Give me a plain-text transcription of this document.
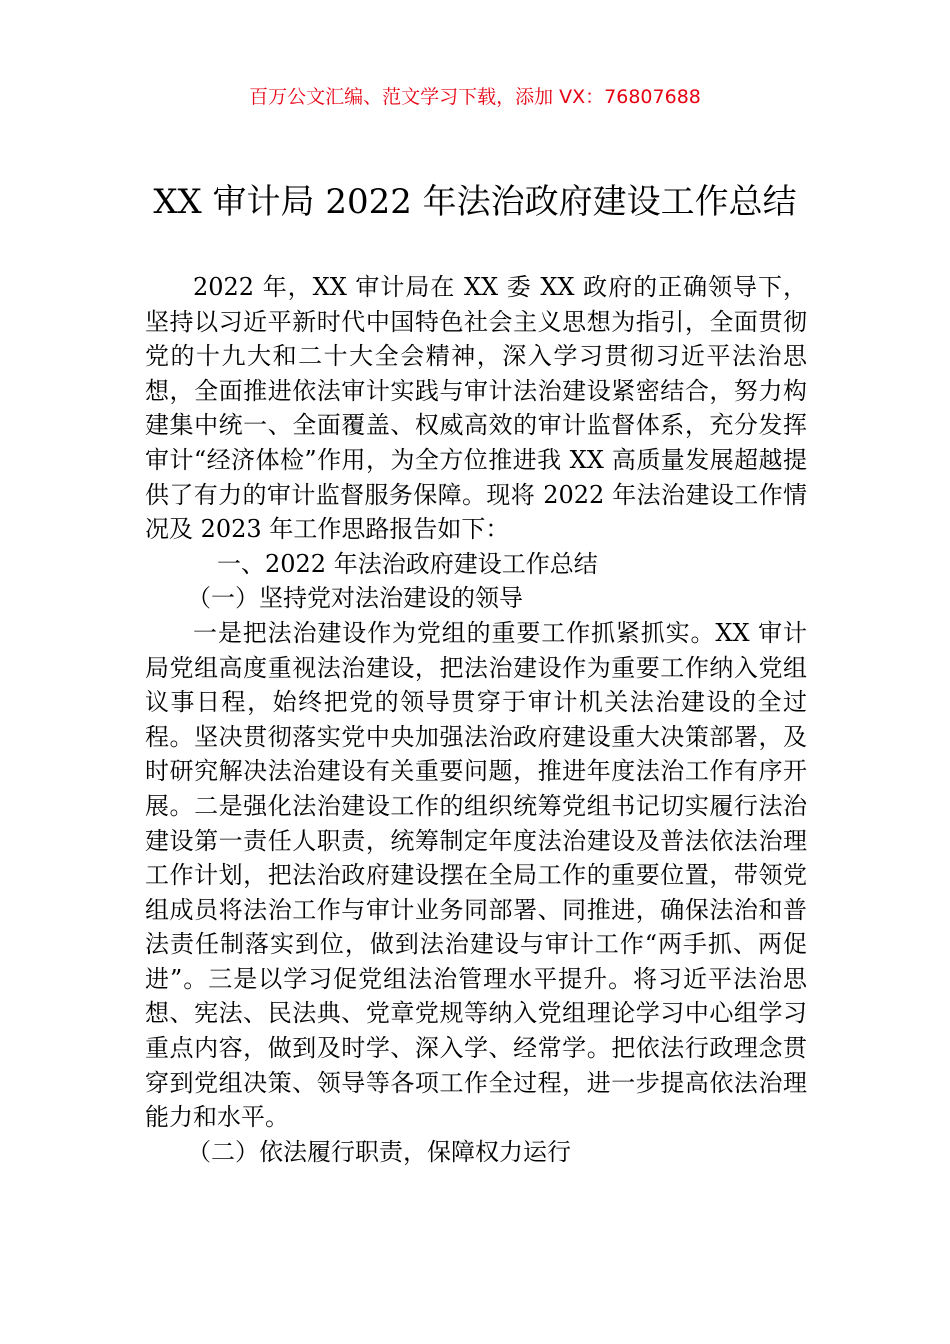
百万公文汇编、范文学习下载，添加 VX：76807688
XX 审计局 2022 年法治政府建设工作总结

2022 年，XX 审计局在 XX 委 XX 政府的正确领导下，坚持以习近平新时代中国特色社会主义思想为指引，全面贯彻党的十九大和二十大全会精神，深入学习贯彻习近平法治思想，全面推进依法审计实践与审计法治建设紧密结合，努力构建集中统一、全面覆盖、权威高效的审计监督体系，充分发挥审计“经济体检”作用，为全方位推进我 XX 高质量发展超越提供了有力的审计监督服务保障。现将 2022 年法治建设工作情况及 2023 年工作思路报告如下：

一、2022 年法治政府建设工作总结

（一）坚持党对法治建设的领导

一是把法治建设作为党组的重要工作抓紧抓实。XX 审计局党组高度重视法治建设，把法治建设作为重要工作纳入党组议事日程，始终把党的领导贯穿于审计机关法治建设的全过程。坚决贯彻落实党中央加强法治政府建设重大决策部署，及时研究解决法治建设有关重要问题，推进年度法治工作有序开展。二是强化法治建设工作的组织统筹党组书记切实履行法治建设第一责任人职责，统筹制定年度法治建设及普法依法治理工作计划，把法治政府建设摆在全局工作的重要位置，带领党组成员将法治工作与审计业务同部署、同推进，确保法治和普法责任制落实到位，做到法治建设与审计工作“两手抓、两促进”。三是以学习促党组法治管理水平提升。将习近平法治思想、宪法、民法典、党章党规等纳入党组理论学习中心组学习重点内容，做到及时学、深入学、经常学。把依法行政理念贯穿到党组决策、领导等各项工作全过程，进一步提高依法治理能力和水平。

（二）依法履行职责，保障权力运行
